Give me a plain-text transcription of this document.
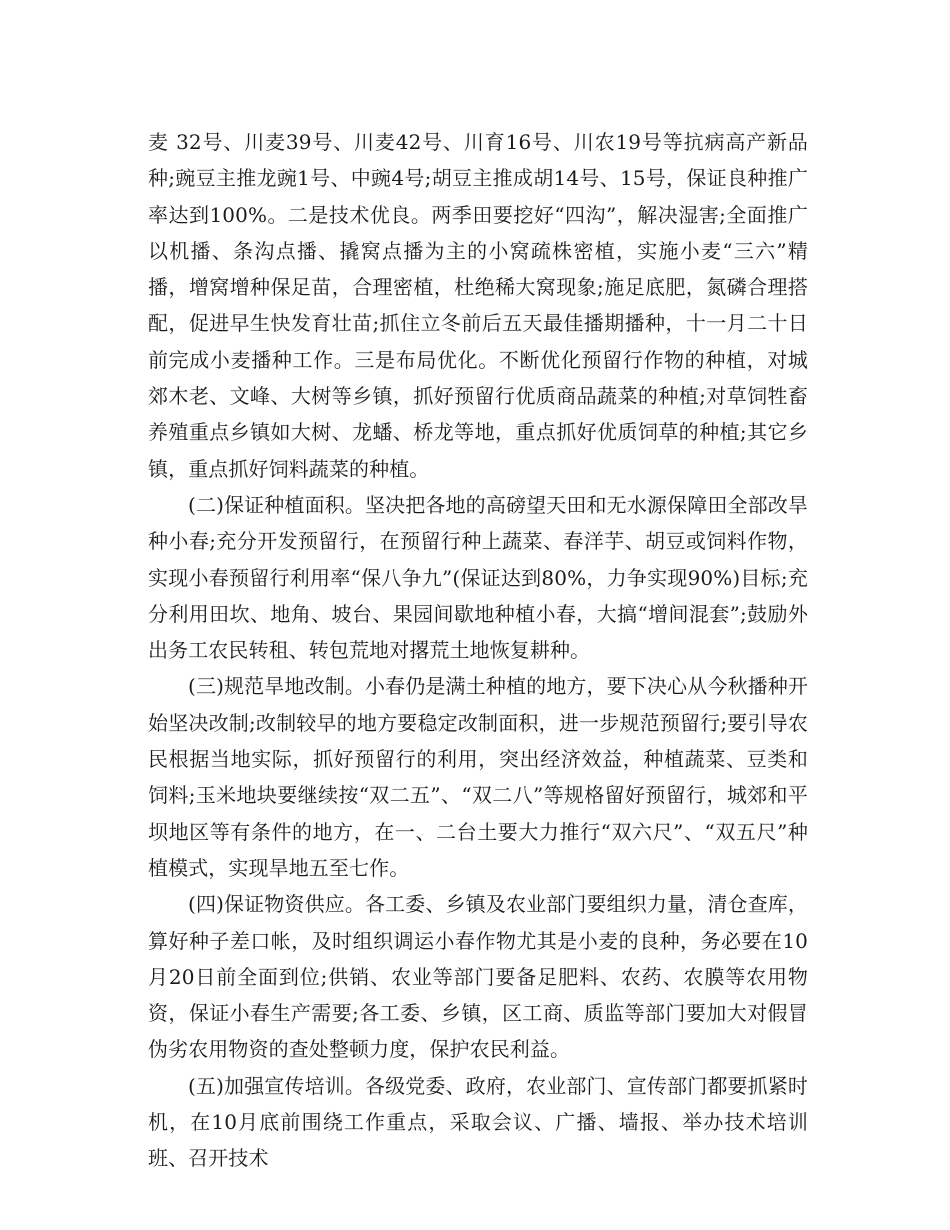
麦 32号、川麦39号、川麦42号、川育16号、川农19号等抗病高产新品种;豌豆主推龙豌1号、中豌4号;胡豆主推成胡14号、15号，保证良种推广率达到100%。二是技术优良。两季田要挖好“四沟”，解决湿害;全面推广以机播、条沟点播、撬窝点播为主的小窝疏株密植，实施小麦“三六”精播，增窝增种保足苗，合理密植，杜绝稀大窝现象;施足底肥，氮磷合理搭配，促进早生快发育壮苗;抓住立冬前后五天最佳播期播种，十一月二十日前完成小麦播种工作。三是布局优化。不断优化预留行作物的种植，对城郊木老、文峰、大树等乡镇，抓好预留行优质商品蔬菜的种植;对草饲牲畜养殖重点乡镇如大树、龙蟠、桥龙等地，重点抓好优质饲草的种植;其它乡镇，重点抓好饲料蔬菜的种植。

(二)保证种植面积。坚决把各地的高磅望天田和无水源保障田全部改旱种小春;充分开发预留行，在预留行种上蔬菜、春洋芋、胡豆或饲料作物，实现小春预留行利用率“保八争九”(保证达到80%，力争实现90%)目标;充分利用田坎、地角、坡台、果园间歇地种植小春，大搞“增间混套”;鼓励外出务工农民转租、转包荒地对撂荒土地恢复耕种。

(三)规范旱地改制。小春仍是满土种植的地方，要下决心从今秋播种开始坚决改制;改制较早的地方要稳定改制面积，进一步规范预留行;要引导农民根据当地实际，抓好预留行的利用，突出经济效益，种植蔬菜、豆类和饲料;玉米地块要继续按“双二五”、“双二八”等规格留好预留行，城郊和平坝地区等有条件的地方，在一、二台土要大力推行“双六尺”、“双五尺”种植模式，实现旱地五至七作。

(四)保证物资供应。各工委、乡镇及农业部门要组织力量，清仓查库，算好种子差口帐，及时组织调运小春作物尤其是小麦的良种，务必要在10月20日前全面到位;供销、农业等部门要备足肥料、农药、农膜等农用物资，保证小春生产需要;各工委、乡镇，区工商、质监等部门要加大对假冒伪劣农用物资的查处整顿力度，保护农民利益。

(五)加强宣传培训。各级党委、政府，农业部门、宣传部门都要抓紧时机，在10月底前围绕工作重点，采取会议、广播、墙报、举办技术培训班、召开技术
